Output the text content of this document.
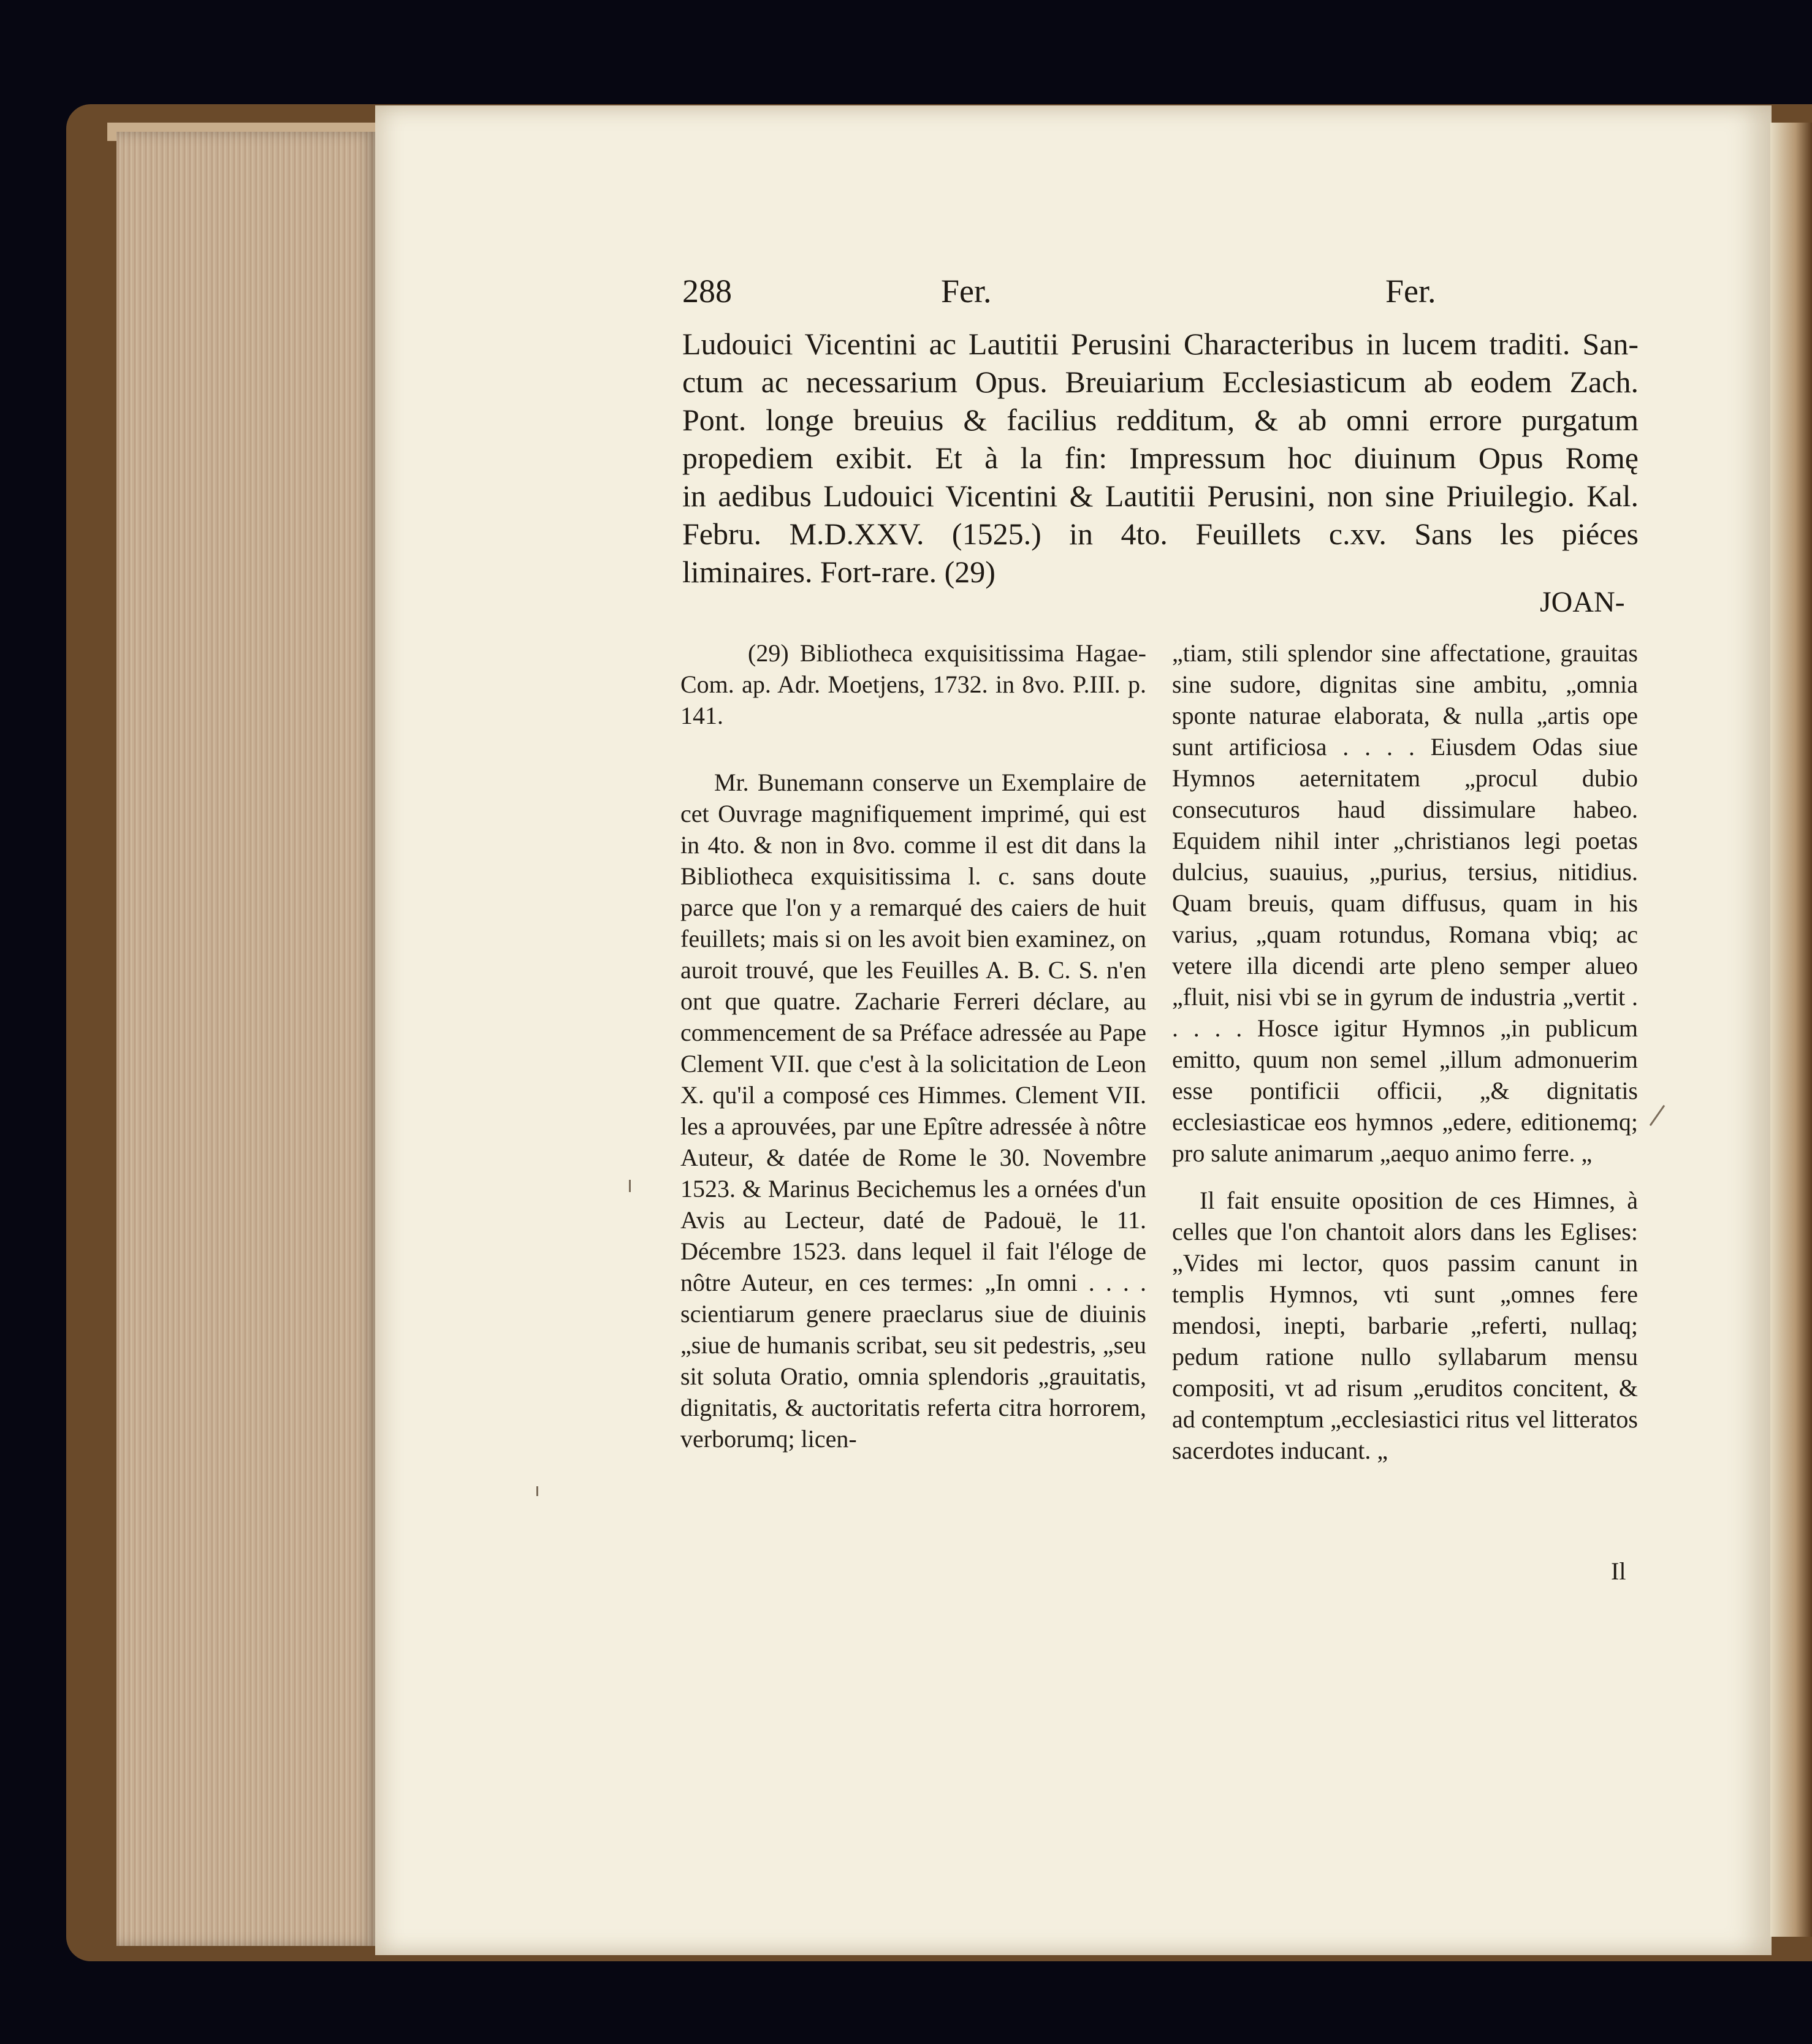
288	Fer.	Fer.
Ludouici Vicentini ac Lautitii Perusini Characteribus in lucem traditi. San-
ctum ac necessarium Opus. Breuiarium Ecclesiasticum ab eodem Zach.
Pont. longe breuius & facilius redditum, & ab omni errore purgatum
propediem exibit. Et à la fin: Impressum hoc diuinum Opus Romę
in aedibus Ludouici Vicentini & Lautitii Perusini, non sine Priuilegio. Kal.
Febru. M.D.XXV. (1525.) in 4to. Feuillets c.xv. Sans les piéces
liminaires. Fort-rare. (29)
JOAN-

(29) Bibliotheca exquisitissima Hagae-Com. ap. Adr. Moetjens, 1732. in 8vo. P.III. p. 141.

Mr. Bunemann conserve un Exemplaire de cet Ouvrage magnifiquement imprimé, qui est in 4to. & non in 8vo. comme il est dit dans la Bibliotheca exquisitissima l. c. sans doute parce que l'on y a remarqué des caiers de huit feuillets; mais si on les avoit bien examinez, on auroit trouvé, que les Feuilles A. B. C. S. n'en ont que quatre. Zacharie Ferreri déclare, au commencement de sa Préface adressée au Pape Clement VII. que c'est à la solicitation de Leon X. qu'il a composé ces Himmes. Clement VII. les a aprouvées, par une Epître adressée à nôtre Auteur, & datée de Rome le 30. Novembre 1523. & Marinus Becichemus les a ornées d'un Avis au Lecteur, daté de Padouë, le 11. Décembre 1523. dans lequel il fait l'éloge de nôtre Auteur, en ces termes: „In omni . . . . scientiarum genere praeclarus siue de diuinis „siue de humanis scribat, seu sit pedestris, „seu sit soluta Oratio, omnia splendoris „grauitatis, dignitatis, & auctoritatis referta citra horrorem, verborumq; licen-

„tiam, stili splendor sine affectatione, grauitas sine sudore, dignitas sine ambitu, „omnia sponte naturae elaborata, & nulla „artis ope sunt artificiosa . . . . Eiusdem Odas siue Hymnos aeternitatem „procul dubio consecuturos haud dissimulare habeo. Equidem nihil inter „christianos legi poetas dulcius, suauius, „purius, tersius, nitidius. Quam breuis, quam diffusus, quam in his varius, „quam rotundus, Romana vbiq; ac vetere illa dicendi arte pleno semper alueo „fluit, nisi vbi se in gyrum de industria „vertit . . . . . Hosce igitur Hymnos „in publicum emitto, quum non semel „illum admonuerim esse pontificii officii, „& dignitatis ecclesiasticae eos hymnos „edere, editionemq; pro salute animarum „aequo animo ferre. „

Il fait ensuite oposition de ces Himnes, à celles que l'on chantoit alors dans les Eglises: „Vides mi lector, quos passim canunt in templis Hymnos, vti sunt „omnes fere mendosi, inepti, barbarie „referti, nullaq; pedum ratione nullo syllabarum mensu compositi, vt ad risum „eruditos concitent, & ad contemptum „ecclesiastici ritus vel litteratos sacerdotes inducant. „

Il
